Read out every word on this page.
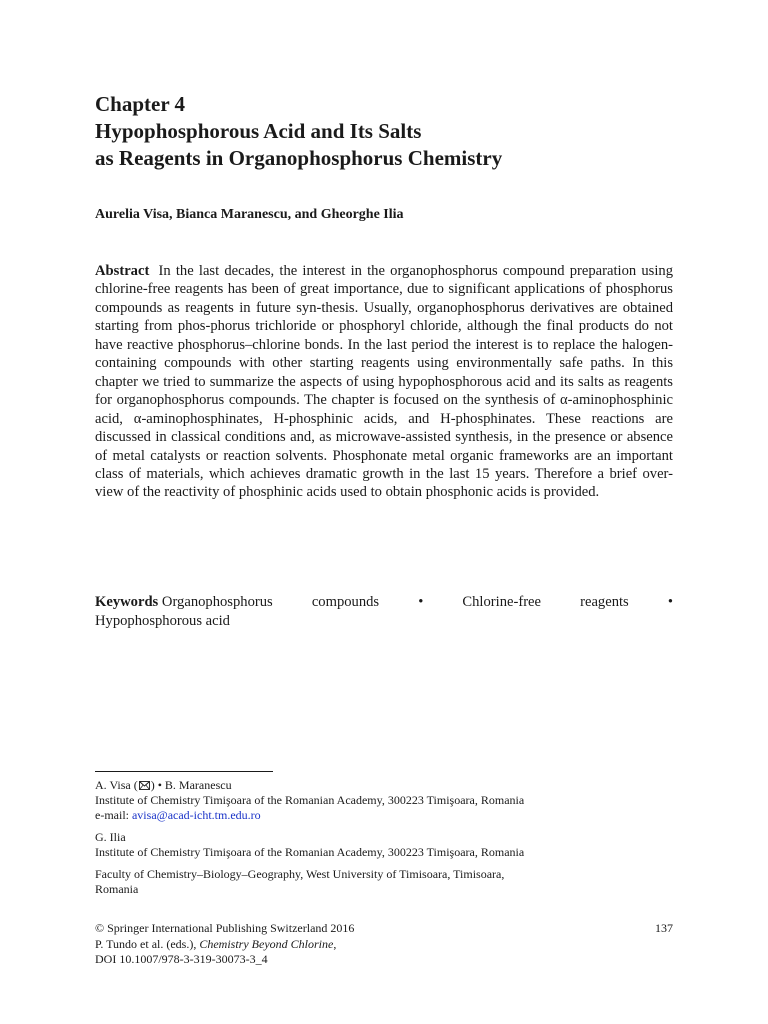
Chapter 4
Hypophosphorous Acid and Its Salts
as Reagents in Organophosphorus Chemistry
Aurelia Visa, Bianca Maranescu, and Gheorghe Ilia

Abstract In the last decades, the interest in the organophosphorus compound preparation using chlorine-free reagents has been of great importance, due to significant applications of phosphorus compounds as reagents in future syn-thesis. Usually, organophosphorus derivatives are obtained starting from phos-phorus trichloride or phosphoryl chloride, although the final products do not have reactive phosphorus–chlorine bonds. In the last period the interest is to replace the halogen-containing compounds with other starting reagents using environmentally safe paths. In this chapter we tried to summarize the aspects of using hypophosphorous acid and its salts as reagents for organophosphorus compounds. The chapter is focused on the synthesis of α-aminophosphinic acid, α-aminophosphinates, H-phosphinic acids, and H-phosphinates. These reactions are discussed in classical conditions and, as microwave-assisted synthesis, in the presence or absence of metal catalysts or reaction solvents. Phosphonate metal organic frameworks are an important class of materials, which achieves dramatic growth in the last 15 years. Therefore a brief over-view of the reactivity of phosphinic acids used to obtain phosphonic acids is provided.

Keywords Organophosphorus	compounds	•	Chlorine-free	reagents	•
Hypophosphorous acid
A. Visa ( ) • B. Maranescu
Institute of Chemistry Timişoara of the Romanian Academy, 300223 Timişoara, Romania
e-mail: avisa@acad-icht.tm.edu.ro
G. Ilia
Institute of Chemistry Timişoara of the Romanian Academy, 300223 Timişoara, Romania
Faculty of Chemistry–Biology–Geography, West University of Timisoara, Timisoara,
Romania
© Springer International Publishing Switzerland 2016	137
P. Tundo et al. (eds.), Chemistry Beyond Chlorine,
DOI 10.1007/978-3-319-30073-3_4
